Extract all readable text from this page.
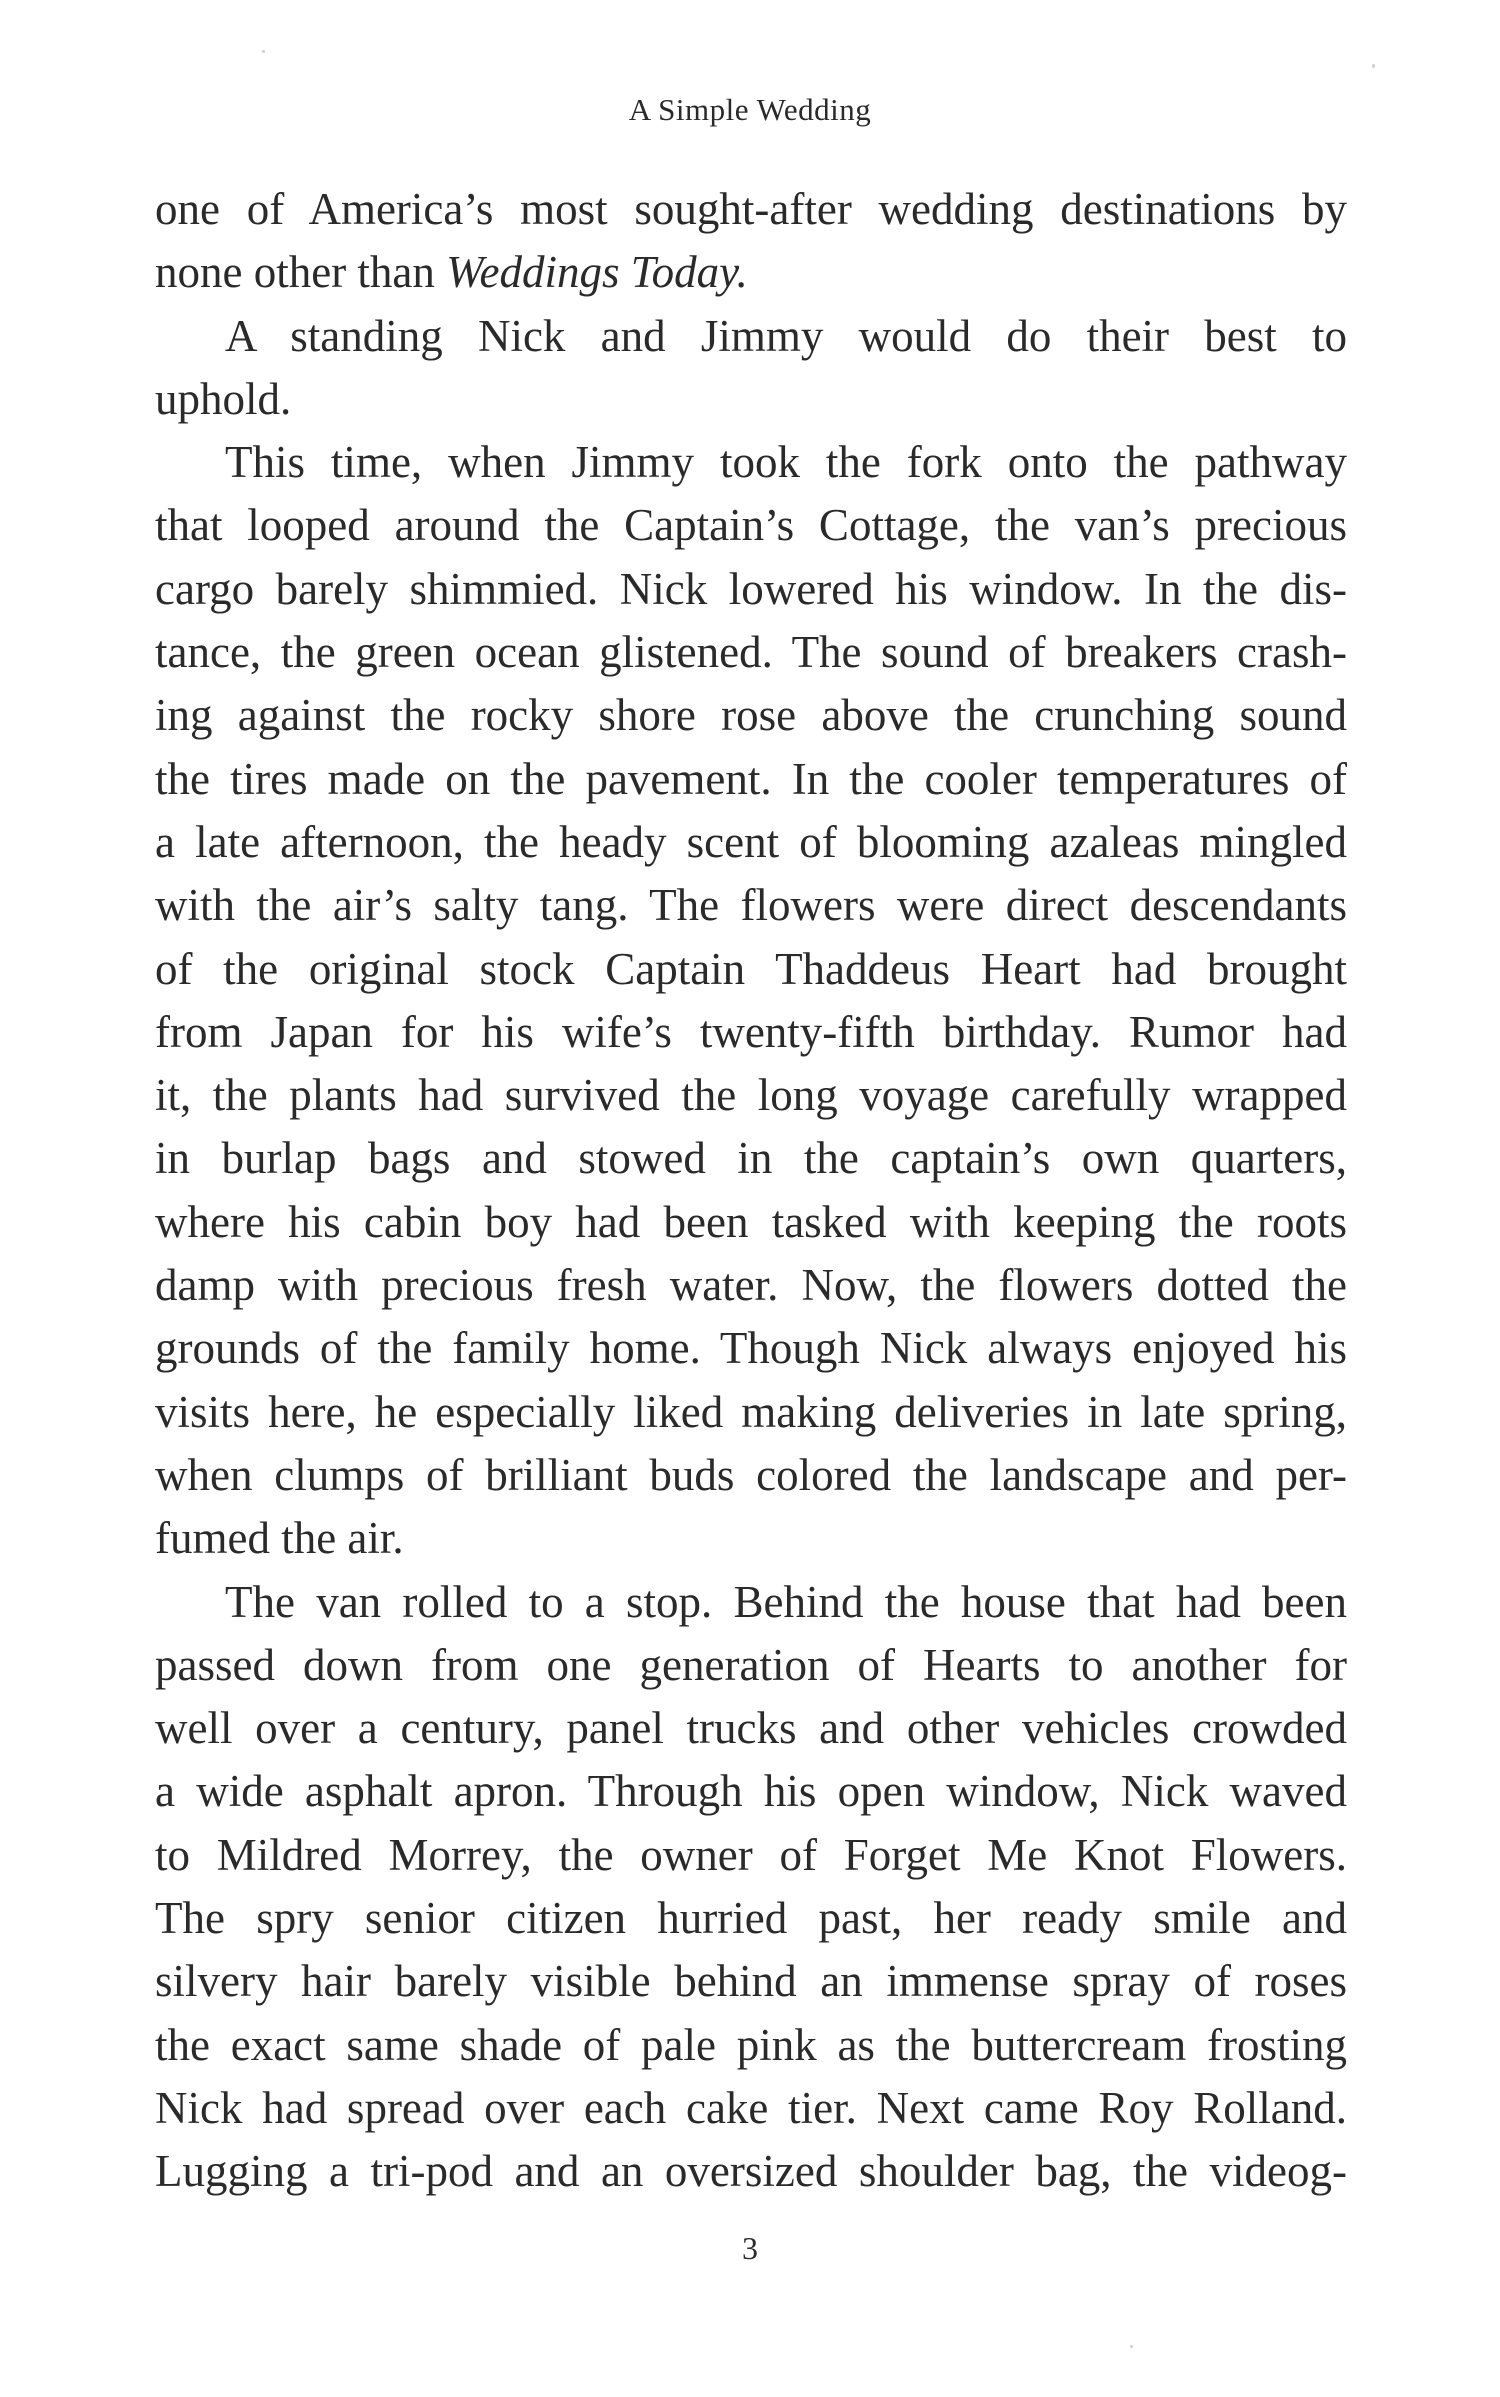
A Simple Wedding
one of America’s most sought-after wedding destinations by
none other than Weddings Today.
A standing Nick and Jimmy would do their best to
uphold.
This time, when Jimmy took the fork onto the pathway
that looped around the Captain’s Cottage, the van’s precious
cargo barely shimmied. Nick lowered his window. In the dis-
tance, the green ocean glistened. The sound of breakers crash-
ing against the rocky shore rose above the crunching sound
the tires made on the pavement. In the cooler temperatures of
a late afternoon, the heady scent of blooming azaleas mingled
with the air’s salty tang. The flowers were direct descendants
of the original stock Captain Thaddeus Heart had brought
from Japan for his wife’s twenty-fifth birthday. Rumor had
it, the plants had survived the long voyage carefully wrapped
in burlap bags and stowed in the captain’s own quarters,
where his cabin boy had been tasked with keeping the roots
damp with precious fresh water. Now, the flowers dotted the
grounds of the family home. Though Nick always enjoyed his
visits here, he especially liked making deliveries in late spring,
when clumps of brilliant buds colored the landscape and per-
fumed the air.
The van rolled to a stop. Behind the house that had been
passed down from one generation of Hearts to another for
well over a century, panel trucks and other vehicles crowded
a wide asphalt apron. Through his open window, Nick waved
to Mildred Morrey, the owner of Forget Me Knot Flowers.
The spry senior citizen hurried past, her ready smile and
silvery hair barely visible behind an immense spray of roses
the exact same shade of pale pink as the buttercream frosting
Nick had spread over each cake tier. Next came Roy Rolland.
Lugging a tri-pod and an oversized shoulder bag, the videog-
3
